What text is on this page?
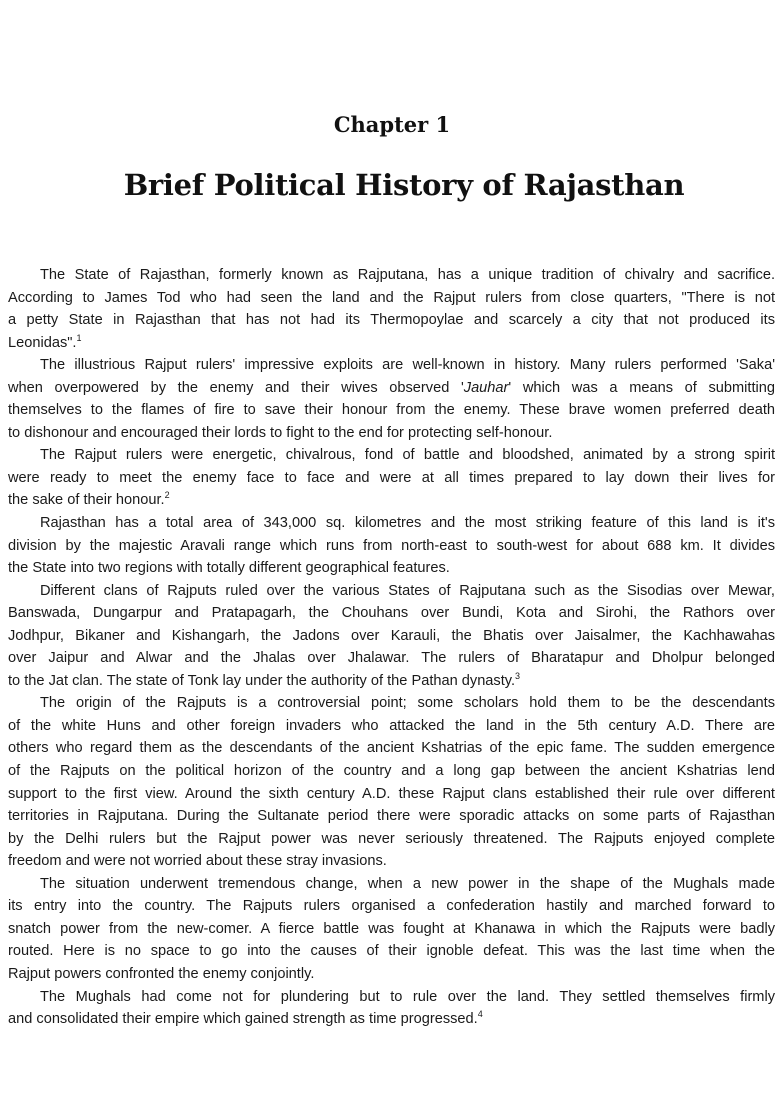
Chapter 1
Brief Political History of Rajasthan
The State of Rajasthan, formerly known as Rajputana, has a unique tradition of chivalry and sacrifice.
According to James Tod who had seen the land and the Rajput rulers from close quarters, "There is not
a petty State in Rajasthan that has not had its Thermopoylae and scarcely a city that not produced its
Leonidas".$^1$
The illustrious Rajput rulers' impressive exploits are well-known in history. Many rulers performed 'Saka'
when overpowered by the enemy and their wives observed 'Jauhar' which was a means of submitting
themselves to the flames of fire to save their honour from the enemy. These brave women preferred death
to dishonour and encouraged their lords to fight to the end for protecting self-honour.
The Rajput rulers were energetic, chivalrous, fond of battle and bloodshed, animated by a strong spirit
were ready to meet the enemy face to face and were at all times prepared to lay down their lives for
the sake of their honour.$^2$
Rajasthan has a total area of 343,000 sq. kilometres and the most striking feature of this land is it's
division by the majestic Aravali range which runs from north-east to south-west for about 688 km. It divides
the State into two regions with totally different geographical features.
Different clans of Rajputs ruled over the various States of Rajputana such as the Sisodias over Mewar,
Banswada, Dungarpur and Pratapagarh, the Chouhans over Bundi, Kota and Sirohi, the Rathors over
Jodhpur, Bikaner and Kishangarh, the Jadons over Karauli, the Bhatis over Jaisalmer, the Kachhawahas
over Jaipur and Alwar and the Jhalas over Jhalawar. The rulers of Bharatapur and Dholpur belonged
to the Jat clan. The state of Tonk lay under the authority of the Pathan dynasty.$^3$
The origin of the Rajputs is a controversial point; some scholars hold them to be the descendants
of the white Huns and other foreign invaders who attacked the land in the 5th century A.D. There are
others who regard them as the descendants of the ancient Kshatrias of the epic fame. The sudden emergence
of the Rajputs on the political horizon of the country and a long gap between the ancient Kshatrias lend
support to the first view. Around the sixth century A.D. these Rajput clans established their rule over different
territories in Rajputana. During the Sultanate period there were sporadic attacks on some parts of Rajasthan
by the Delhi rulers but the Rajput power was never seriously threatened. The Rajputs enjoyed complete
freedom and were not worried about these stray invasions.
The situation underwent tremendous change, when a new power in the shape of the Mughals made
its entry into the country. The Rajputs rulers organised a confederation hastily and marched forward to
snatch power from the new-comer. A fierce battle was fought at Khanawa in which the Rajputs were badly
routed. Here is no space to go into the causes of their ignoble defeat. This was the last time when the
Rajput powers confronted the enemy conjointly.
The Mughals had come not for plundering but to rule over the land. They settled themselves firmly
and consolidated their empire which gained strength as time progressed.$^4$
